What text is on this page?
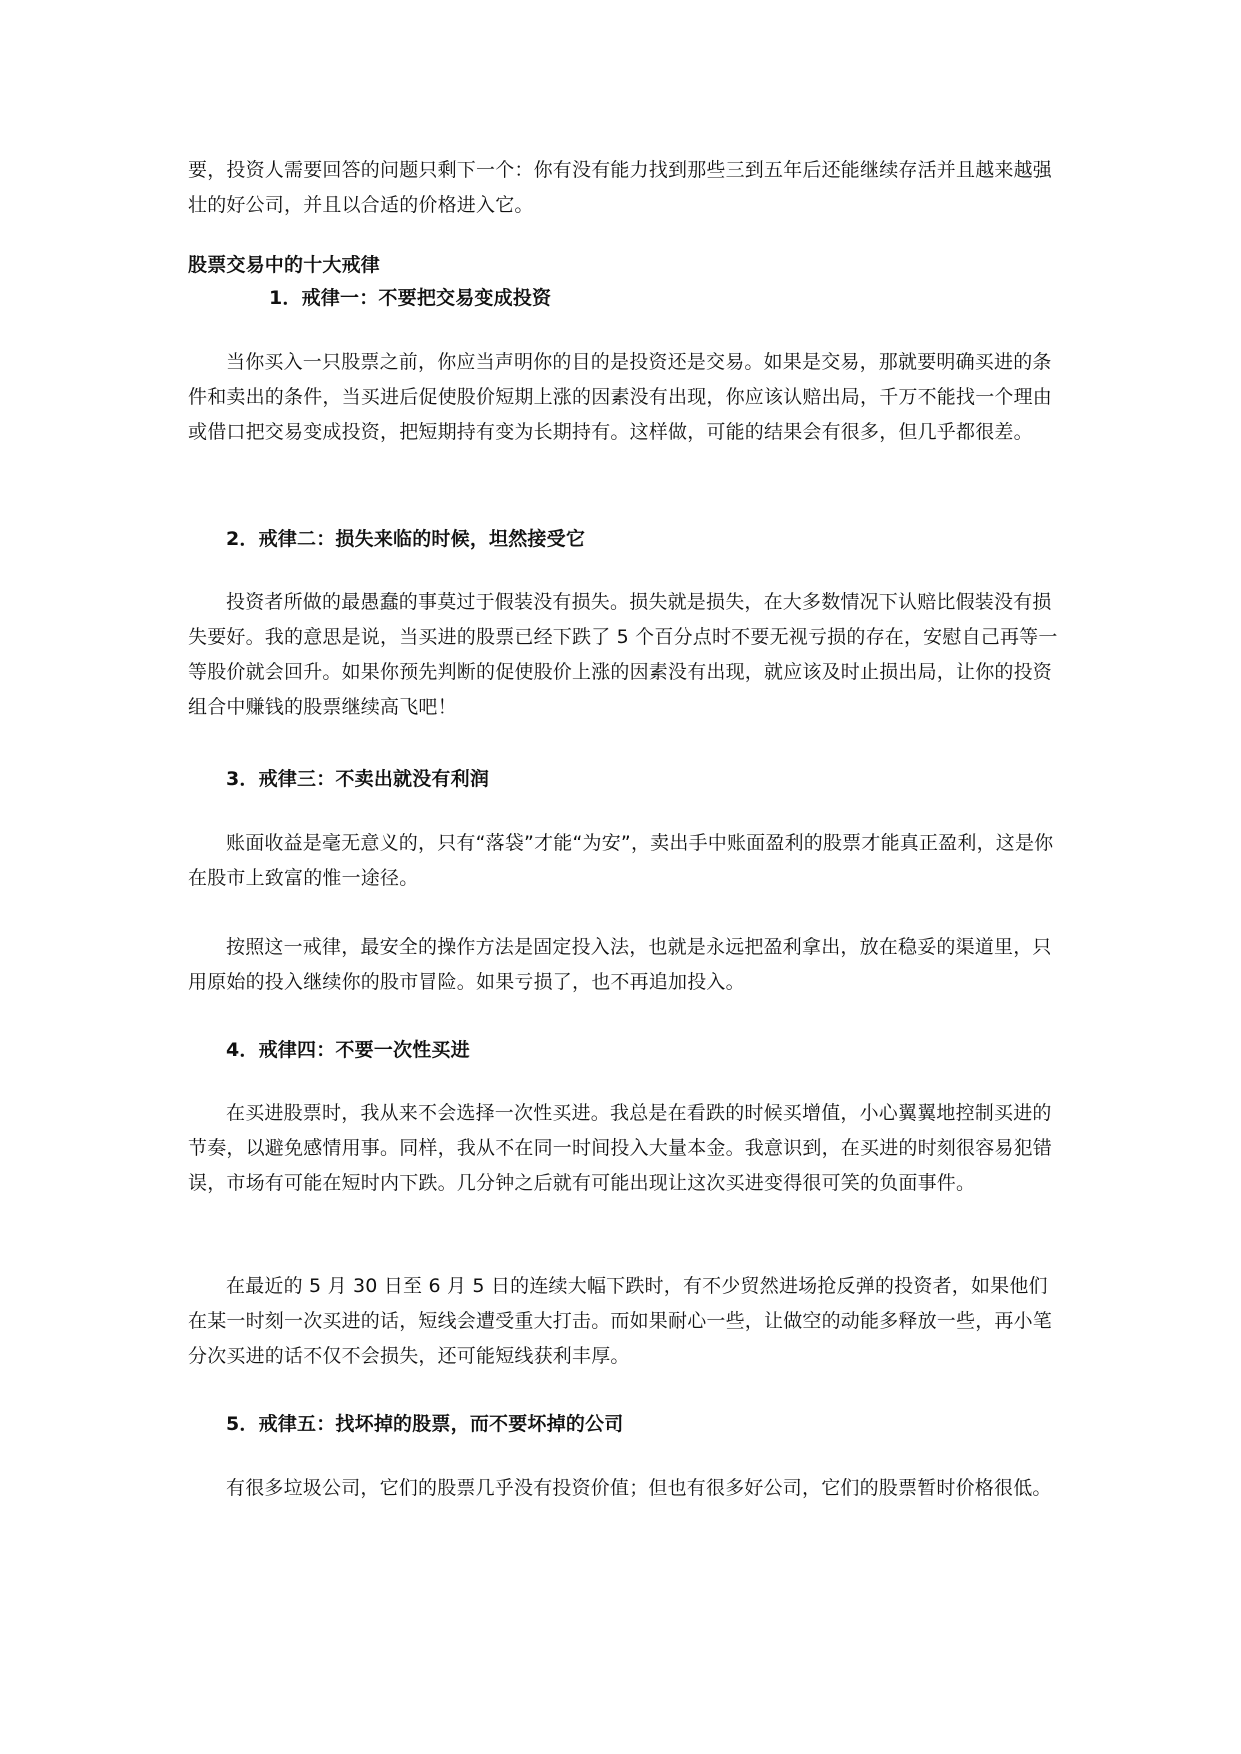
要，投资人需要回答的问题只剩下一个：你有没有能力找到那些三到五年后还能继续存活并且越来越强壮的好公司，并且以合适的价格进入它。

股票交易中的十大戒律

1．戒律一：不要把交易变成投资

当你买入一只股票之前，你应当声明你的目的是投资还是交易。如果是交易，那就要明确买进的条件和卖出的条件，当买进后促使股价短期上涨的因素没有出现，你应该认赔出局，千万不能找一个理由或借口把交易变成投资，把短期持有变为长期持有。这样做，可能的结果会有很多，但几乎都很差。

2．戒律二：损失来临的时候，坦然接受它

投资者所做的最愚蠢的事莫过于假装没有损失。损失就是损失，在大多数情况下认赔比假装没有损失要好。我的意思是说，当买进的股票已经下跌了 5 个百分点时不要无视亏损的存在，安慰自己再等一等股价就会回升。如果你预先判断的促使股价上涨的因素没有出现，就应该及时止损出局，让你的投资组合中赚钱的股票继续高飞吧！

3．戒律三：不卖出就没有利润

账面收益是毫无意义的，只有“落袋”才能“为安”，卖出手中账面盈利的股票才能真正盈利，这是你在股市上致富的惟一途径。

按照这一戒律，最安全的操作方法是固定投入法，也就是永远把盈利拿出，放在稳妥的渠道里，只用原始的投入继续你的股市冒险。如果亏损了，也不再追加投入。

4．戒律四：不要一次性买进

在买进股票时，我从来不会选择一次性买进。我总是在看跌的时候买增值，小心翼翼地控制买进的节奏，以避免感情用事。同样，我从不在同一时间投入大量本金。我意识到，在买进的时刻很容易犯错误，市场有可能在短时内下跌。几分钟之后就有可能出现让这次买进变得很可笑的负面事件。

在最近的 5 月 30 日至 6 月 5 日的连续大幅下跌时，有不少贸然进场抢反弹的投资者，如果他们在某一时刻一次买进的话，短线会遭受重大打击。而如果耐心一些，让做空的动能多释放一些，再小笔分次买进的话不仅不会损失，还可能短线获利丰厚。

5．戒律五：找坏掉的股票，而不要坏掉的公司

有很多垃圾公司，它们的股票几乎没有投资价值；但也有很多好公司，它们的股票暂时价格很低。
